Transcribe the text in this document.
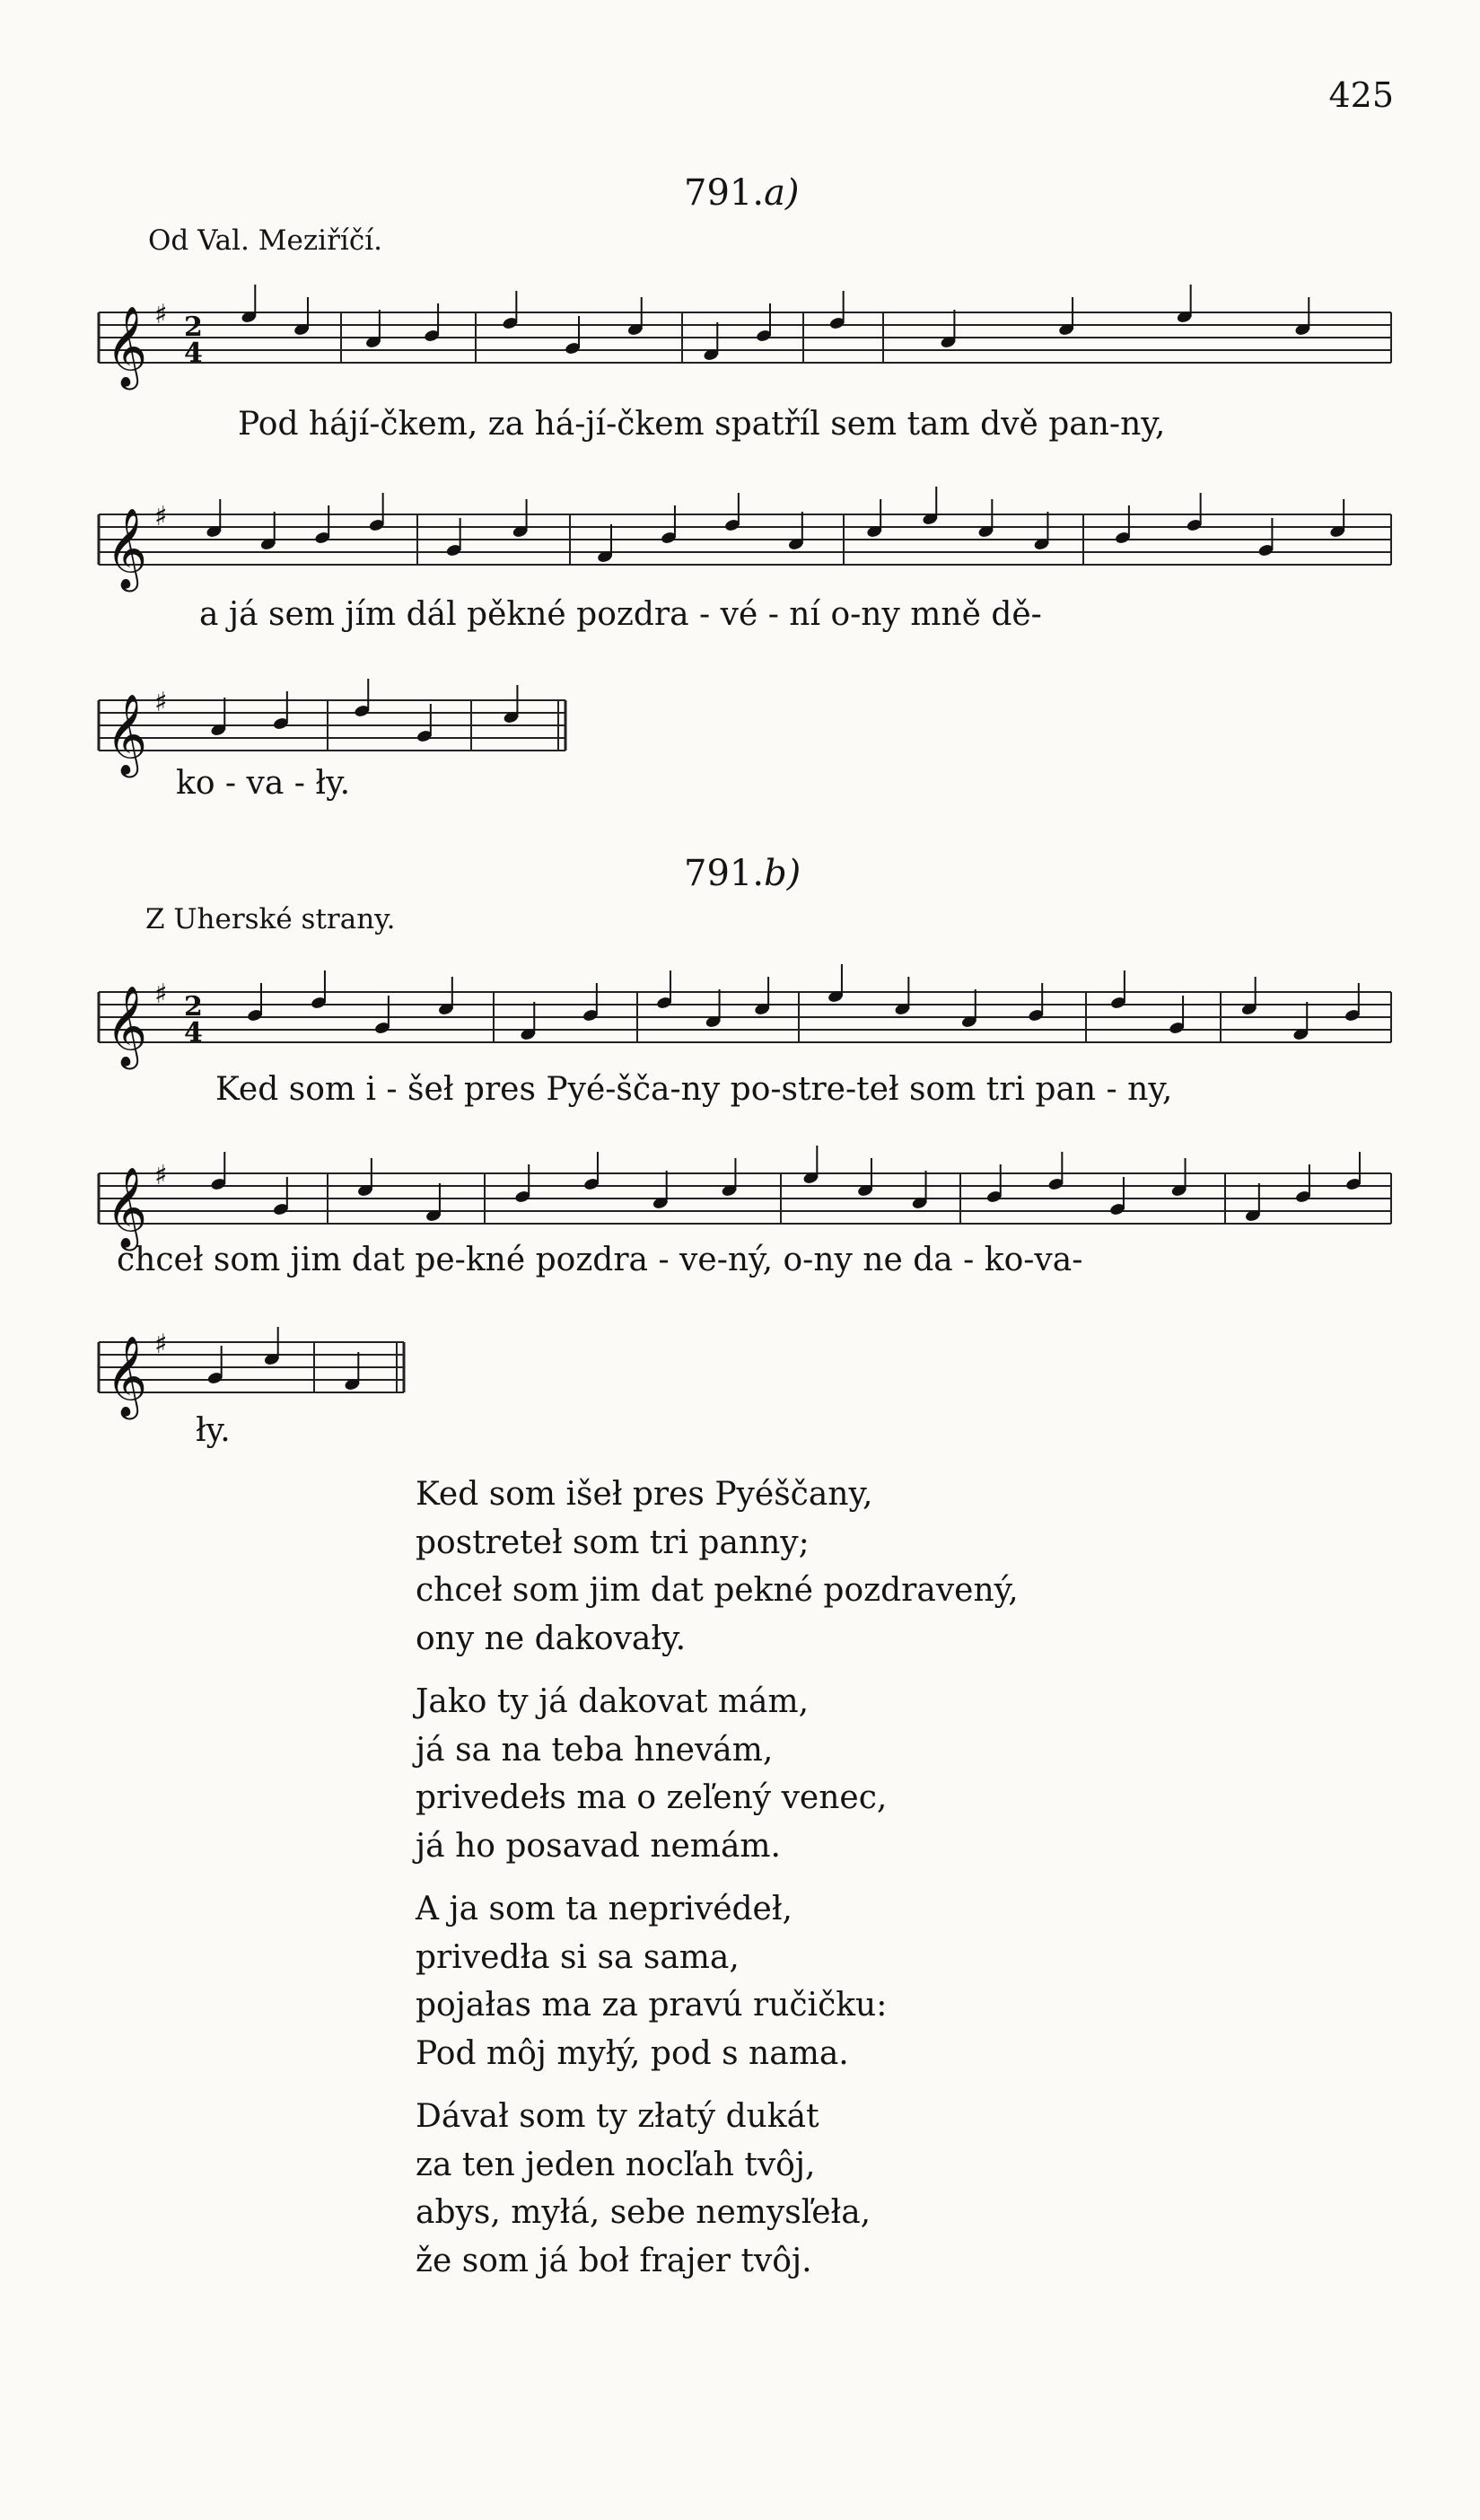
425
791.a)
Od Val. Meziříčí.
𝄞 ♯ 2
4
Pod hájí-čkem, za há-jí-čkem spatříl sem tam dvě pan-ny,
𝄞 ♯
a já sem jím dál pěkné pozdra - vé - ní o-ny mně dě-
𝄞 ♯
ko - va - ły.
791.b)
Z Uherské strany.
𝄞 ♯ 2
4
Ked som i - šeł pres Pyé-šča-ny po-stre-teł som tri pan - ny,
𝄞 ♯
chceł som jim dat pe-kné pozdra - ve-ný, o-ny ne da - ko-va-
𝄞 ♯
ły.
Ked som išeł pres Pyéščany,
postreteł som tri panny;
chceł som jim dat pekné pozdravený,
ony ne dakovały.
Jako ty já dakovat mám,
já sa na teba hnevám,
privedełs ma o zeľený venec,
já ho posavad nemám.
A ja som ta neprivédeł,
privedła si sa sama,
pojałas ma za pravú ručičku:
Pod môj myłý, pod s nama.
Dávał som ty złatý dukát
za ten jeden nocľah tvôj,
abys, myłá, sebe nemysľeła,
že som já boł frajer tvôj.
